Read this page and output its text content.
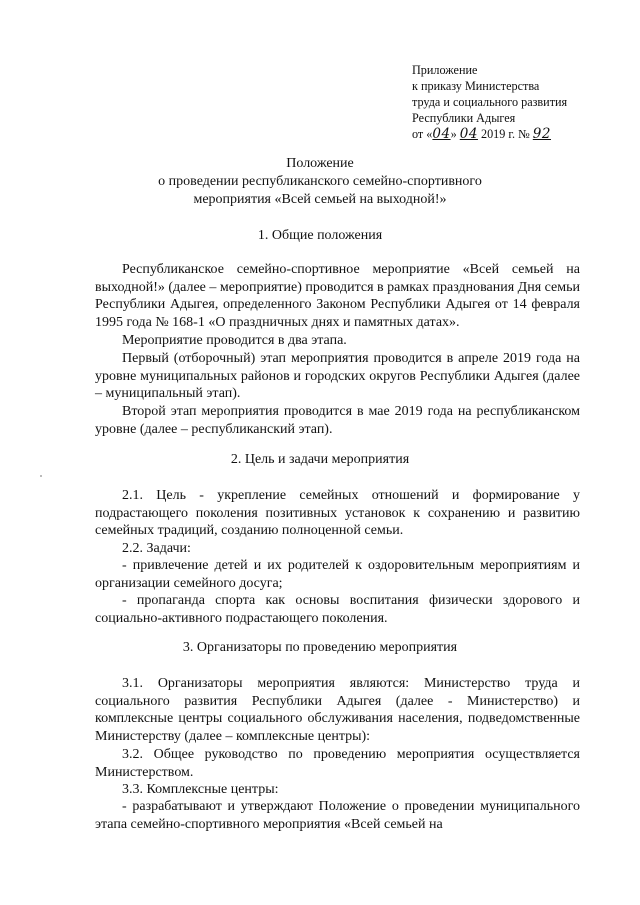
Приложение
к приказу Министерства
труда и социального развития
Республики Адыгея
от «04» 04 2019 г. № 92
Положение
о проведении республиканского семейно-спортивного
мероприятия «Всей семьей на выходной!»
1. Общие положения
Республиканское семейно-спортивное мероприятие «Всей семьей на выходной!» (далее – мероприятие) проводится в рамках празднования Дня семьи Республики Адыгея, определенного Законом Республики Адыгея от 14 февраля 1995 года № 168-1 «О праздничных днях и памятных датах».
Мероприятие проводится в два этапа.
Первый (отборочный) этап мероприятия проводится в апреле 2019 года на уровне муниципальных районов и городских округов Республики Адыгея (далее – муниципальный этап).
Второй этап мероприятия проводится в мае 2019 года на республиканском уровне (далее – республиканский этап).
2. Цель и задачи мероприятия
2.1. Цель - укрепление семейных отношений и формирование у подрастающего поколения позитивных установок к сохранению и развитию семейных традиций, созданию полноценной семьи.
2.2. Задачи:
- привлечение детей и их родителей к оздоровительным мероприятиям и организации семейного досуга;
- пропаганда спорта как основы воспитания физически здорового и социально-активного подрастающего поколения.
3. Организаторы по проведению мероприятия
3.1. Организаторы мероприятия являются: Министерство труда и социального развития Республики Адыгея (далее - Министерство) и комплексные центры социального обслуживания населения, подведомственные Министерству (далее – комплексные центры):
3.2. Общее руководство по проведению мероприятия осуществляется Министерством.
3.3. Комплексные центры:
- разрабатывают и утверждают Положение о проведении муниципального этапа семейно-спортивного мероприятия «Всей семьей на
